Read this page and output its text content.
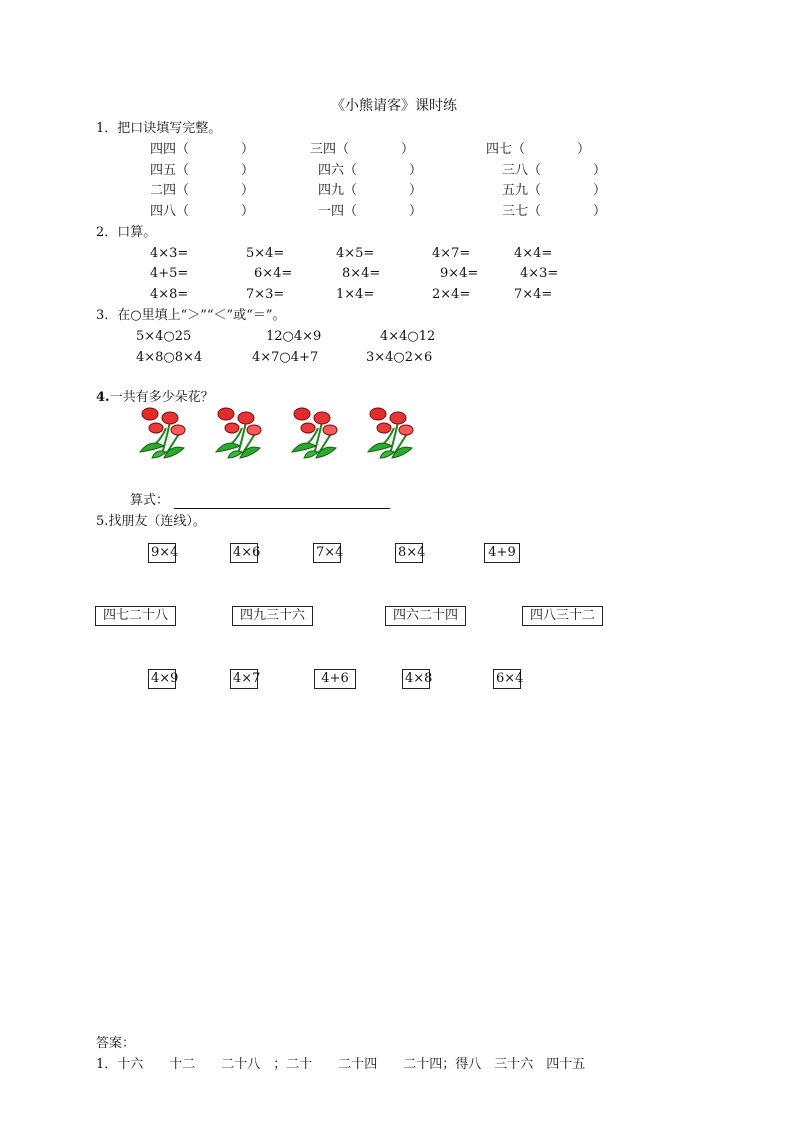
《小熊请客》课时练
1．把口诀填写完整。
四四（　　　　）	三四（　　　　）	四七（　　　　）
四五（　　　　）	四六（　　　　）	三八（　　　　）
二四（　　　　）	四九（　　　　）	五九（　　　　）
四八（　　　　）	一四（　　　　）	三七（　　　　）
2．口算。
4×3=	5×4=	4×5=	4×7=	4×4=
4+5=	6×4=	8×4=	9×4=	4×3=
4×8=	7×3=	1×4=	2×4=	7×4=
3．在○里填上“＞”“＜”或“＝”。
5×4○25	12○4×9	4×4○12
4×8○8×4	4×7○4+7	3×4○2×6
4.一共有多少朵花？
算式：
5.找朋友（连线）。
9×4	4×6	7×4	8×4	4+9
四七二十八	四九三十六	四六二十四	四八三十二
4×9	4×7	4+6	4×8	6×4
答案：
1．十六　　十二　　二十八　；二十　　二十四　　二十四；得八　三十六　四十五
